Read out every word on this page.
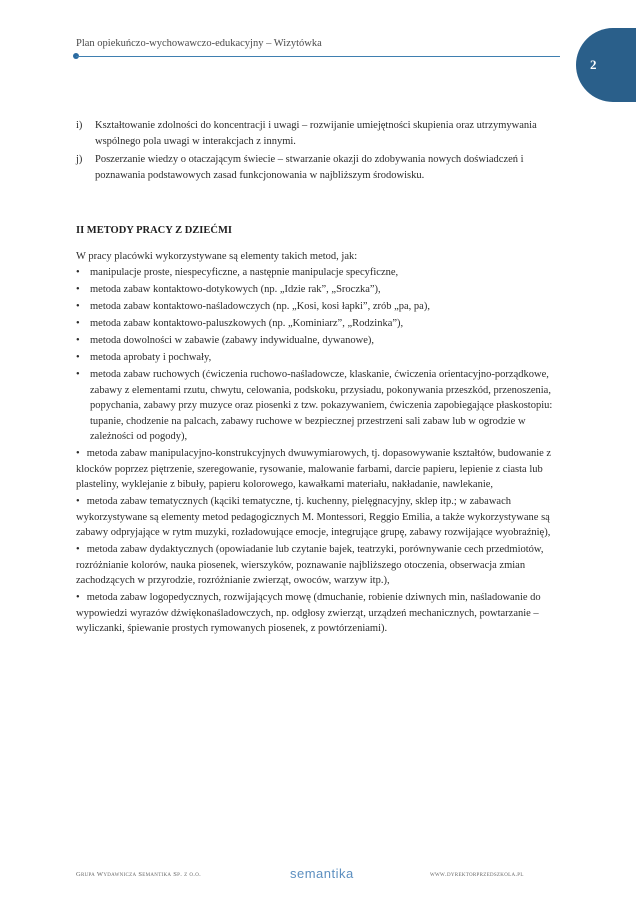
Plan opiekuńczo-wychowawczo-edukacyjny – Wizytówka
2
i) Kształtowanie zdolności do koncentracji i uwagi – rozwijanie umiejętności skupienia oraz utrzymywania wspólnego pola uwagi w interakcjach z innymi.
j) Poszerzanie wiedzy o otaczającym świecie – stwarzanie okazji do zdobywania nowych doświadczeń i poznawania podstawowych zasad funkcjonowania w najbliższym środowisku.
II METODY PRACY Z DZIEĆMI
W pracy placówki wykorzystywane są elementy takich metod, jak:
• manipulacje proste, niespecyficzne, a następnie manipulacje specyficzne,
• metoda zabaw kontaktowo-dotykowych (np. „Idzie rak”, „Sroczka”),
• metoda zabaw kontaktowo-naśladowczych (np. „Kosi, kosi łapki”, zrób „pa, pa),
• metoda zabaw kontaktowo-paluszkowych (np. „Kominiarz”, „Rodzinka”),
• metoda dowolności w zabawie (zabawy indywidualne, dywanowe),
• metoda aprobaty i pochwały,
• metoda zabaw ruchowych (ćwiczenia ruchowo-naśladowcze, klaskanie, ćwiczenia orientacyjno-porządkowe, zabawy z elementami rzutu, chwytu, celowania, podskoku, przysiadu, pokonywania przeszkód, przenoszenia, popychania, zabawy przy muzyce oraz piosenki z tzw. pokazywaniem, ćwiczenia zapobiegające płaskostopiu: tupanie, chodzenie na palcach, zabawy ruchowe w bezpiecznej przestrzeni sali zabaw lub w ogrodzie w zależności od pogody),
• metoda zabaw manipulacyjno-konstrukcyjnych dwuwymiarowych, tj. dopasowywanie kształtów, budowanie z klocków poprzez piętrzenie, szeregowanie, rysowanie, malowanie farbami, darcie papieru, lepienie z ciasta lub plasteliny, wyklejanie z bibuły, papieru kolorowego, kawałkami materiału, nakładanie, nawlekanie,
• metoda zabaw tematycznych (kąciki tematyczne, tj. kuchenny, pielęgnacyjny, sklep itp.; w zabawach wykorzystywane są elementy metod pedagogicznych M. Montessori, Reggio Emilia, a także wykorzystywane są zabawy odpryjające w rytm muzyki, rozładowujące emocje, integrujące grupę, zabawy rozwijające wyobraźnię),
• metoda zabaw dydaktycznych (opowiadanie lub czytanie bajek, teatrzyki, porównywanie cech przedmiotów, rozróżnianie kolorów, nauka piosenek, wierszyków, poznawanie najbliższego otoczenia, obserwacja zmian zachodzących w przyrodzie, rozróżnianie zwierząt, owoców, warzyw itp.),
• metoda zabaw logopedycznych, rozwijających mowę (dmuchanie, robienie dziwnych min, naśladowanie do wypowiedzi wyrazów dźwiękonaśladowczych, np. odgłosy zwierząt, urządzeń mechanicznych, powtarzanie – wyliczanki, śpiewanie prostych rymowanych piosenek, z powtórzeniami).
Grupa Wydawnicza Semantika Sp. z o.o.	semantika	www.dyrektorprzedszkola.pl
